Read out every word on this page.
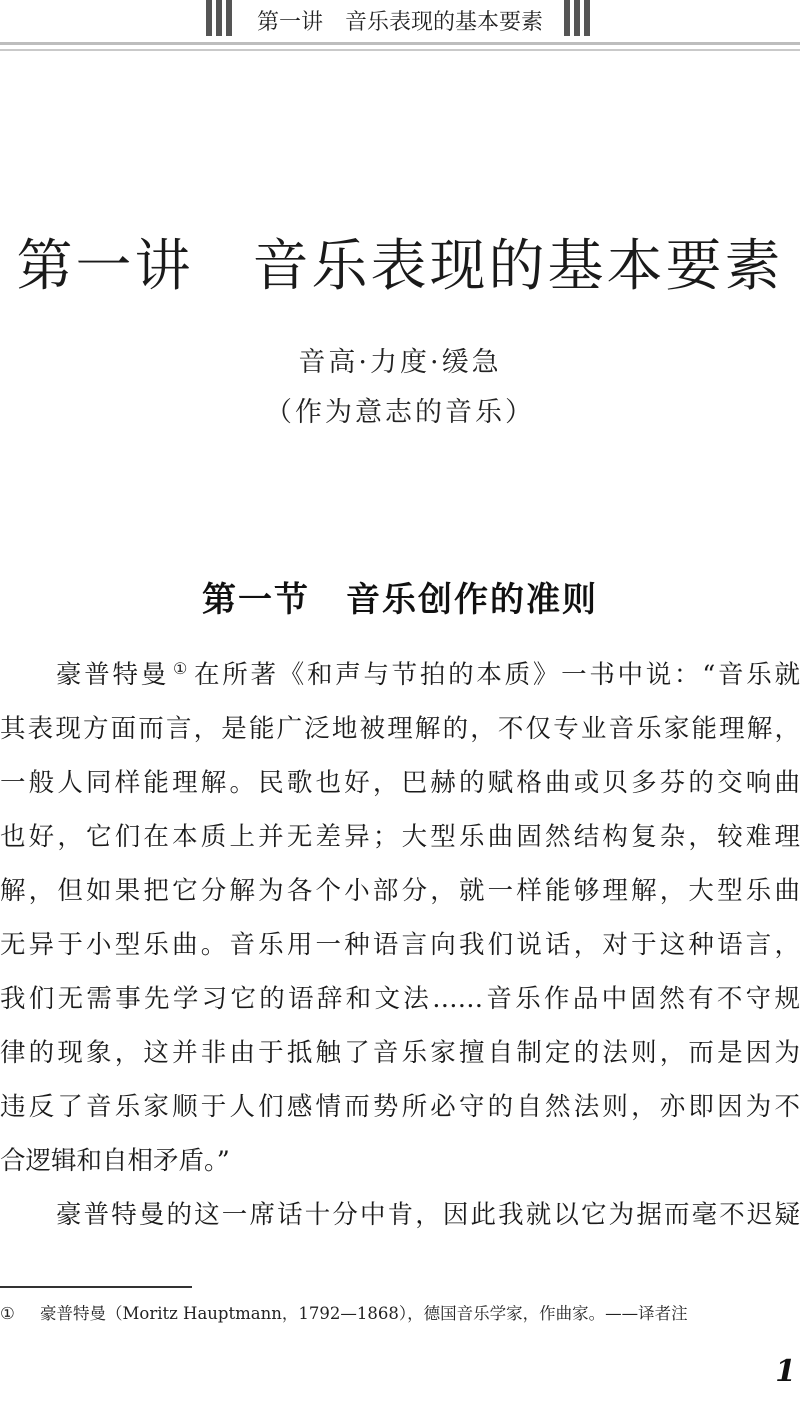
第一讲　音乐表现的基本要素
第一讲　音乐表现的基本要素
音高·力度·缓急
（作为意志的音乐）
第一节　音乐创作的准则
豪普特曼 ① 在所著《和声与节拍的本质》一书中说：“音乐就
其表现方面而言，是能广泛地被理解的，不仅专业音乐家能理解，
一般人同样能理解。民歌也好，巴赫的赋格曲或贝多芬的交响曲
也好，它们在本质上并无差异；大型乐曲固然结构复杂，较难理
解，但如果把它分解为各个小部分，就一样能够理解，大型乐曲
无异于小型乐曲。音乐用一种语言向我们说话，对于这种语言，
我们无需事先学习它的语辞和文法……音乐作品中固然有不守规
律的现象，这并非由于抵触了音乐家擅自制定的法则，而是因为
违反了音乐家顺于人们感情而势所必守的自然法则，亦即因为不
合逻辑和自相矛盾。”
豪普特曼的这一席话十分中肯，因此我就以它为据而毫不迟疑
① 豪普特曼（Moritz Hauptmann，1792—1868），德国音乐学家，作曲家。——译者注
1
